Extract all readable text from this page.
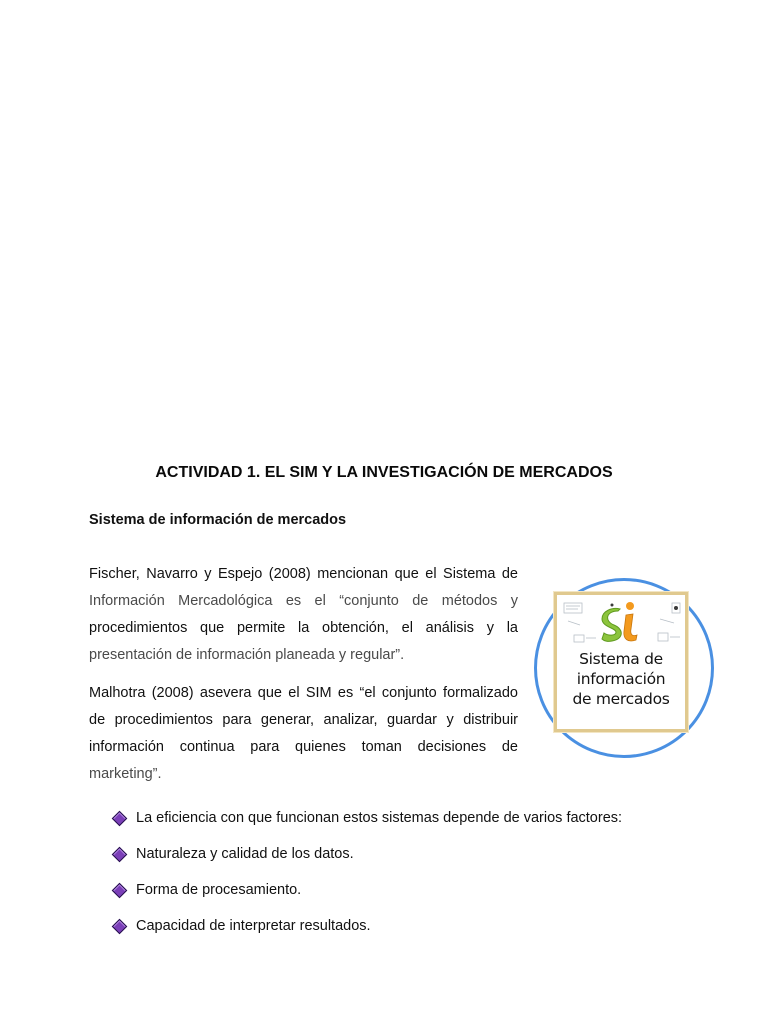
ACTIVIDAD 1. EL SIM Y LA INVESTIGACIÓN DE MERCADOS
Sistema de información de mercados
Fischer, Navarro y Espejo (2008) mencionan que el Sistema de
Información Mercadológica es el “conjunto de métodos y
procedimientos que permite la obtención, el análisis y la
presentación de información planeada y regular”.
Malhotra (2008) asevera que el SIM es “el conjunto formalizado
de procedimientos para generar, analizar, guardar y distribuir
información continua para quienes toman decisiones de
marketing”.
Sistema de
información
de mercados
La eficiencia con que funcionan estos sistemas depende de varios factores:
Naturaleza y calidad de los datos.
Forma de procesamiento.
Capacidad de interpretar resultados.
